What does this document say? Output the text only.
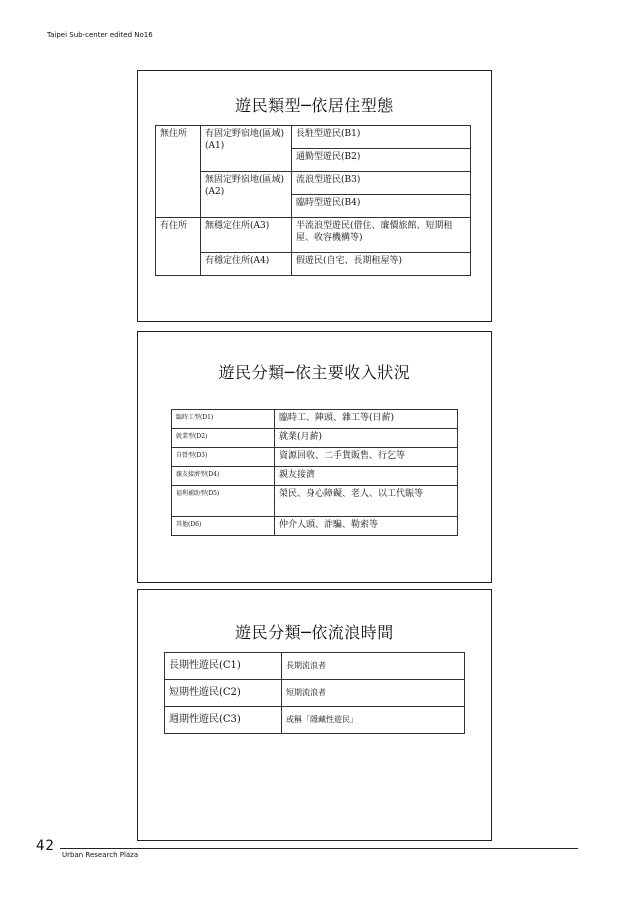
Taipei Sub-center edited No16
遊民類型─依居住型態
無住所	有固定野宿地(區域)(A1)	長駐型遊民(B1)
		通勤型遊民(B2)
	無固定野宿地(區域)(A2)	流浪型遊民(B3)
		臨時型遊民(B4)
有住所	無穩定住所(A3)	半流浪型遊民(借住、廉價旅館、短期租屋、收容機構等)
	有穩定住所(A4)	假遊民(自宅、長期租屋等)
遊民分類─依主要收入狀況
臨時工型(D1)	臨時工、陣頭、雜工等(日薪)
就業型(D2)	就業(月薪)
自營型(D3)	資源回收、二手貨販售、行乞等
親友接濟型(D4)	親友接濟
福利補助型(D5)	榮民、身心障礙、老人、以工代賑等
其他(D6)	仲介人頭、詐騙、勒索等
遊民分類─依流浪時間
長期性遊民(C1)	長期流浪者
短期性遊民(C2)	短期流浪者
週期性遊民(C3)	或稱「隱藏性遊民」
42
Urban Research Plaza
